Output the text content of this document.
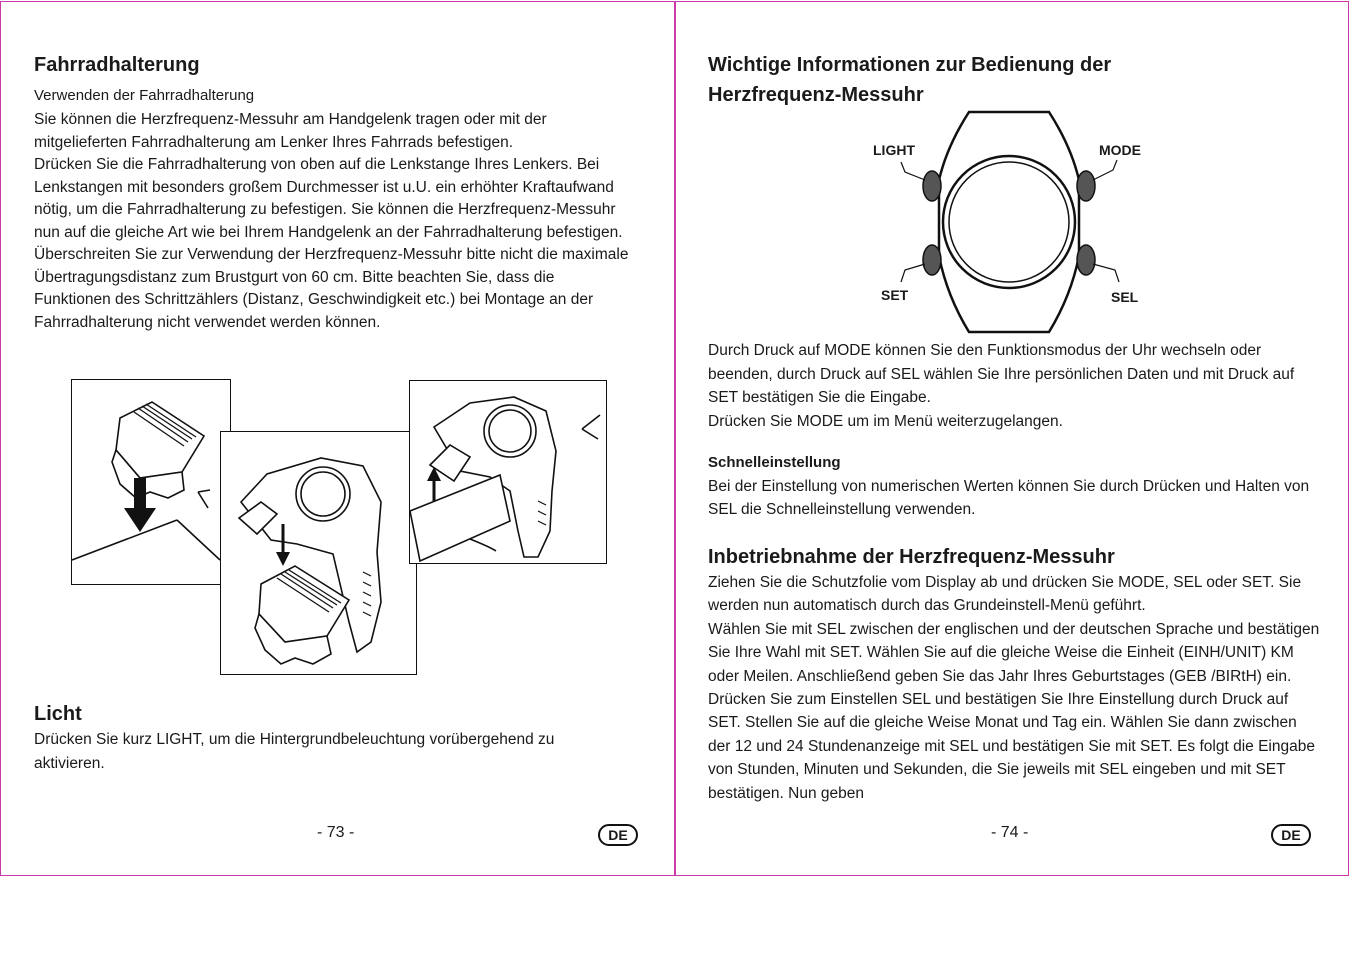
Fahrradhalterung
Verwenden der Fahrradhalterung

Sie können die Herzfrequenz-Messuhr am Handgelenk tragen oder mit der mitgelieferten Fahrradhalterung am Lenker Ihres Fahrrads befestigen.

Drücken Sie die Fahrradhalterung von oben auf die Lenkstange Ihres Lenkers. Bei Lenkstangen mit besonders großem Durchmesser ist u.U. ein erhöhter Kraftaufwand nötig, um die Fahrradhalterung zu befestigen. Sie können die Herzfrequenz-Messuhr nun auf die gleiche Art wie bei Ihrem Handgelenk an der Fahrradhalterung befestigen. Überschreiten Sie zur Verwendung der Herzfrequenz-Messuhr bitte nicht die maximale Übertragungsdistanz zum Brustgurt von 60 cm. Bitte beachten Sie, dass die Funktionen des Schrittzählers (Distanz, Geschwindigkeit etc.) bei Montage an der Fahrradhalterung nicht verwendet werden können.

Licht

Drücken Sie kurz LIGHT, um die Hintergrundbeleuchtung vorübergehend zu aktivieren.

- 73 -	DE
Wichtige Informationen zur Bedienung der Herzfrequenz-Messuhr
LIGHT	MODE
SET	SEL

Durch Druck auf MODE können Sie den Funktionsmodus der Uhr wechseln oder beenden, durch Druck auf SEL wählen Sie Ihre persönlichen Daten und mit Druck auf SET bestätigen Sie die Eingabe.

Drücken Sie MODE um im Menü weiterzugelangen.

Schnelleinstellung

Bei der Einstellung von numerischen Werten können Sie durch Drücken und Halten von SEL die Schnelleinstellung verwenden.

Inbetriebnahme der Herzfrequenz-Messuhr

Ziehen Sie die Schutzfolie vom Display ab und drücken Sie MODE, SEL oder SET. Sie werden nun automatisch durch das Grundeinstell-Menü geführt.

Wählen Sie mit SEL zwischen der englischen und der deutschen Sprache und bestätigen Sie Ihre Wahl mit SET. Wählen Sie auf die gleiche Weise die Einheit (EINH/UNIT) KM oder Meilen. Anschließend geben Sie das Jahr Ihres Geburtstages (GEB /BIRtH) ein. Drücken Sie zum Einstellen SEL und bestätigen Sie Ihre Einstellung durch Druck auf SET. Stellen Sie auf die gleiche Weise Monat und Tag ein. Wählen Sie dann zwischen der 12 und 24 Stundenanzeige mit SEL und bestätigen Sie mit SET. Es folgt die Eingabe von Stunden, Minuten und Sekunden, die Sie jeweils mit SEL eingeben und mit SET bestätigen. Nun geben

- 74 -	DE
